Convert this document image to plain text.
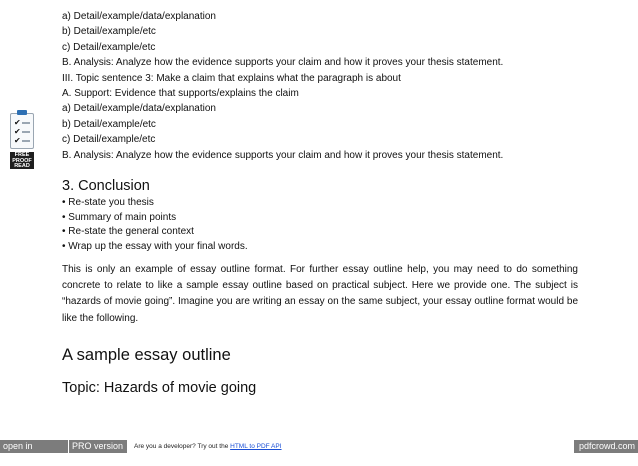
a) Detail/example/data/explanation
b) Detail/example/etc
c) Detail/example/etc
B. Analysis: Analyze how the evidence supports your claim and how it proves your thesis statement.
III. Topic sentence 3: Make a claim that explains what the paragraph is about
A. Support: Evidence that supports/explains the claim
a) Detail/example/data/explanation
b) Detail/example/etc
c) Detail/example/etc
B. Analysis: Analyze how the evidence supports your claim and how it proves your thesis statement.
3. Conclusion
• Re-state you thesis
• Summary of main points
• Re-state the general context
• Wrap up the essay with your final words.
This is only an example of essay outline format. For further essay outline help, you may need to do something concrete to relate to like a sample essay outline based on practical subject. Here we provide one. The subject is “hazards of movie going”. Imagine you are writing an essay on the same subject, your essay outline format would be like the following.
A sample essay outline
Topic: Hazards of movie going
✔
✔
✔
FREE
PROOF
READ
open in browser
PRO version	Are you a developer? Try out the HTML to PDF API	pdfcrowd.com
